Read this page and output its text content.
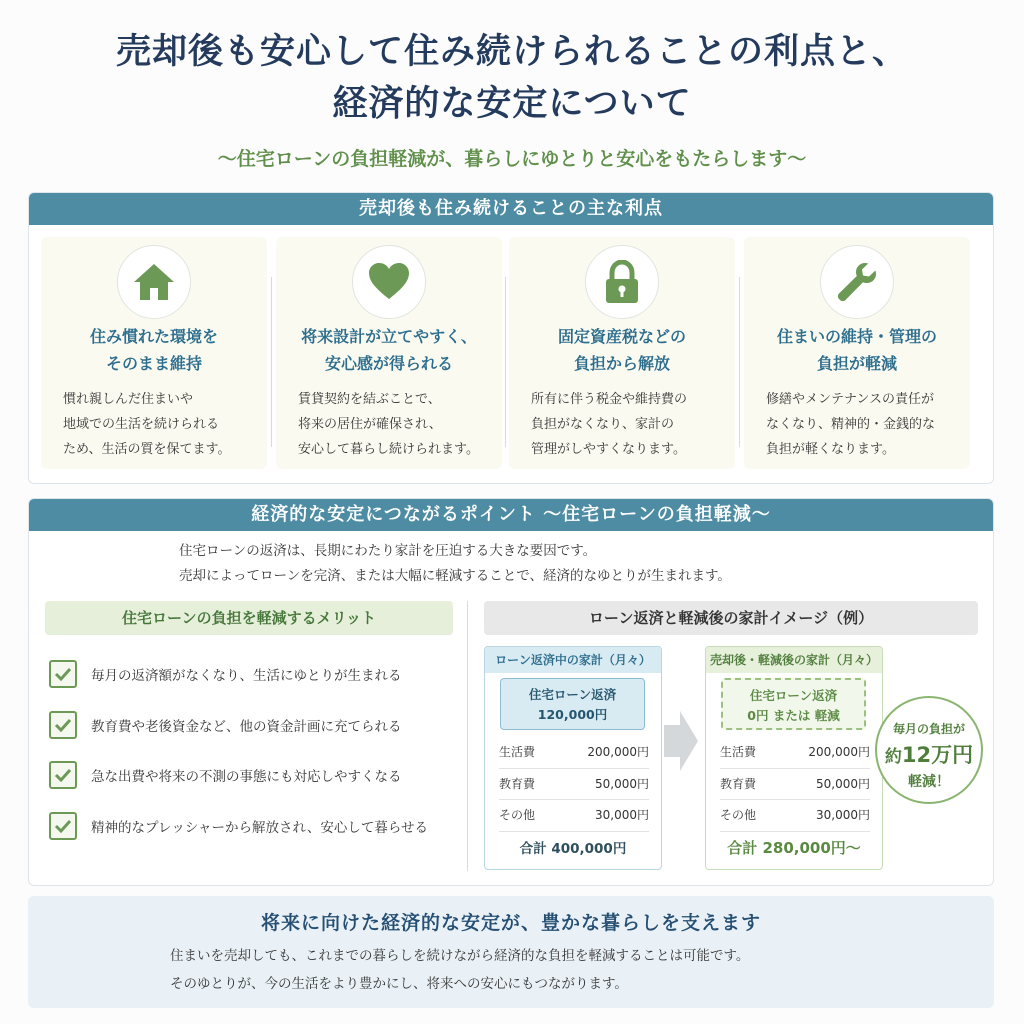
売却後も安心して住み続けられることの利点と、
経済的な安定について
〜住宅ローンの負担軽減が、暮らしにゆとりと安心をもたらします〜
売却後も住み続けることの主な利点
住み慣れた環境を
そのまま維持
慣れ親しんだ住まいや
地域での生活を続けられる
ため、生活の質を保てます。
将来設計が立てやすく、
安心感が得られる
賃貸契約を結ぶことで、
将来の居住が確保され、
安心して暮らし続けられます。
固定資産税などの
負担から解放
所有に伴う税金や維持費の
負担がなくなり、家計の
管理がしやすくなります。
住まいの維持・管理の
負担が軽減
修繕やメンテナンスの責任が
なくなり、精神的・金銭的な
負担が軽くなります。
経済的な安定につながるポイント 〜住宅ローンの負担軽減〜
住宅ローンの返済は、長期にわたり家計を圧迫する大きな要因です。
売却によってローンを完済、または大幅に軽減することで、経済的なゆとりが生まれます。
住宅ローンの負担を軽減するメリット
毎月の返済額がなくなり、生活にゆとりが生まれる
教育費や老後資金など、他の資金計画に充てられる
急な出費や将来の不測の事態にも対応しやすくなる
精神的なプレッシャーから解放され、安心して暮らせる
ローン返済と軽減後の家計イメージ（例）
ローン返済中の家計（月々）
住宅ローン返済
120,000円
生活費	200,000円
教育費	50,000円
その他	30,000円
合計 400,000円
売却後・軽減後の家計（月々）
住宅ローン返済
0円 または 軽減
生活費	200,000円
教育費	50,000円
その他	30,000円
合計 280,000円〜
毎月の負担が
約12万円
軽減！
将来に向けた経済的な安定が、豊かな暮らしを支えます
住まいを売却しても、これまでの暮らしを続けながら経済的な負担を軽減することは可能です。
そのゆとりが、今の生活をより豊かにし、将来への安心にもつながります。
